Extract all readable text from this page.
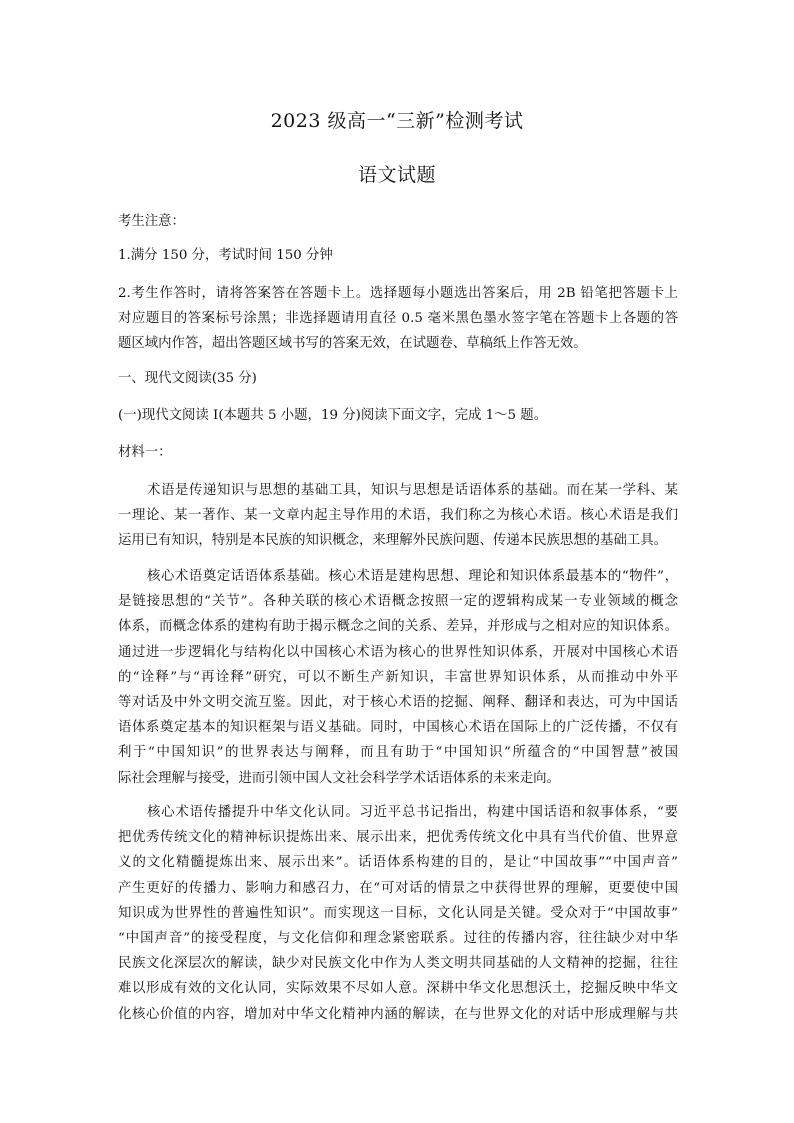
2023 级高一“三新”检测考试
语文试题
考生注意：
1.满分 150 分，考试时间 150 分钟
2.考生作答时，请将答案答在答题卡上。选择题每小题选出答案后，用 2B 铅笔把答题卡上
对应题目的答案标号涂黑；非选择题请用直径 0.5 毫米黑色墨水签字笔在答题卡上各题的答
题区域内作答，超出答题区域书写的答案无效，在试题卷、草稿纸上作答无效。
一、现代文阅读(35 分)
(一)现代文阅读 I(本题共 5 小题，19 分)阅读下面文字，完成 1～5 题。
材料一：
术语是传递知识与思想的基础工具，知识与思想是话语体系的基础。而在某一学科、某
一理论、某一著作、某一文章内起主导作用的术语，我们称之为核心术语。核心术语是我们
运用已有知识，特别是本民族的知识概念，来理解外民族问题、传递本民族思想的基础工具。
核心术语奠定话语体系基础。核心术语是建构思想、理论和知识体系最基本的“物件”，
是链接思想的“关节”。各种关联的核心术语概念按照一定的逻辑构成某一专业领域的概念
体系，而概念体系的建构有助于揭示概念之间的关系、差异，并形成与之相对应的知识体系。
通过进一步逻辑化与结构化以中国核心术语为核心的世界性知识体系，开展对中国核心术语
的“诠释”与“再诠释”研究，可以不断生产新知识，丰富世界知识体系，从而推动中外平
等对话及中外文明交流互鉴。因此，对于核心术语的挖掘、阐释、翻译和表达，可为中国话
语体系奠定基本的知识框架与语义基础。同时，中国核心术语在国际上的广泛传播，不仅有
利于“中国知识”的世界表达与阐释，而且有助于“中国知识”所蕴含的“中国智慧”被国
际社会理解与接受，进而引领中国人文社会科学学术话语体系的未来走向。
核心术语传播提升中华文化认同。习近平总书记指出，构建中国话语和叙事体系，“要
把优秀传统文化的精神标识提炼出来、展示出来，把优秀传统文化中具有当代价值、世界意
义的文化精髓提炼出来、展示出来”。话语体系构建的目的，是让“中国故事”“中国声音”
产生更好的传播力、影响力和感召力，在“可对话的情景之中获得世界的理解，更要使中国
知识成为世界性的普遍性知识”。而实现这一目标，文化认同是关键。受众对于“中国故事”
“中国声音”的接受程度，与文化信仰和理念紧密联系。过往的传播内容，往往缺少对中华
民族文化深层次的解读，缺少对民族文化中作为人类文明共同基础的人文精神的挖掘，往往
难以形成有效的文化认同，实际效果不尽如人意。深耕中华文化思想沃土，挖掘反映中华文
化核心价值的内容，增加对中华文化精神内涵的解读，在与世界文化的对话中形成理解与共
